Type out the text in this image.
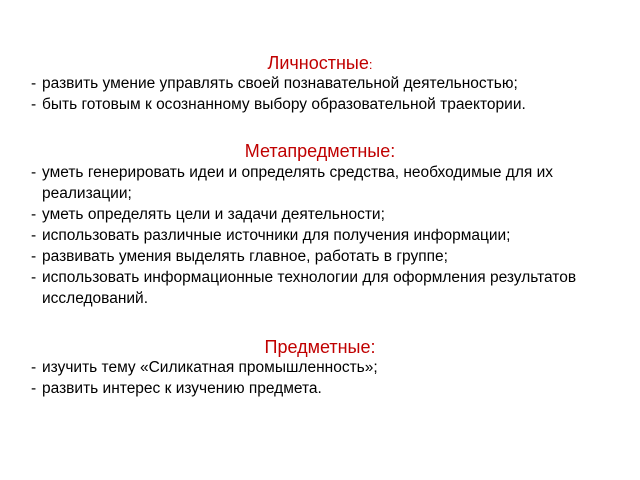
Личностные:
- развить умение управлять своей познавательной деятельностью;
- быть готовым к осознанному выбору образовательной траектории.
Метапредметные:
- уметь генерировать идеи и определять средства, необходимые для их реализации;
- уметь определять цели и задачи деятельности;
- использовать различные источники для получения информации;
- развивать умения выделять главное, работать в группе;
- использовать информационные технологии для оформления результатов исследований.
Предметные:
- изучить тему «Силикатная промышленность»;
- развить интерес к изучению предмета.
